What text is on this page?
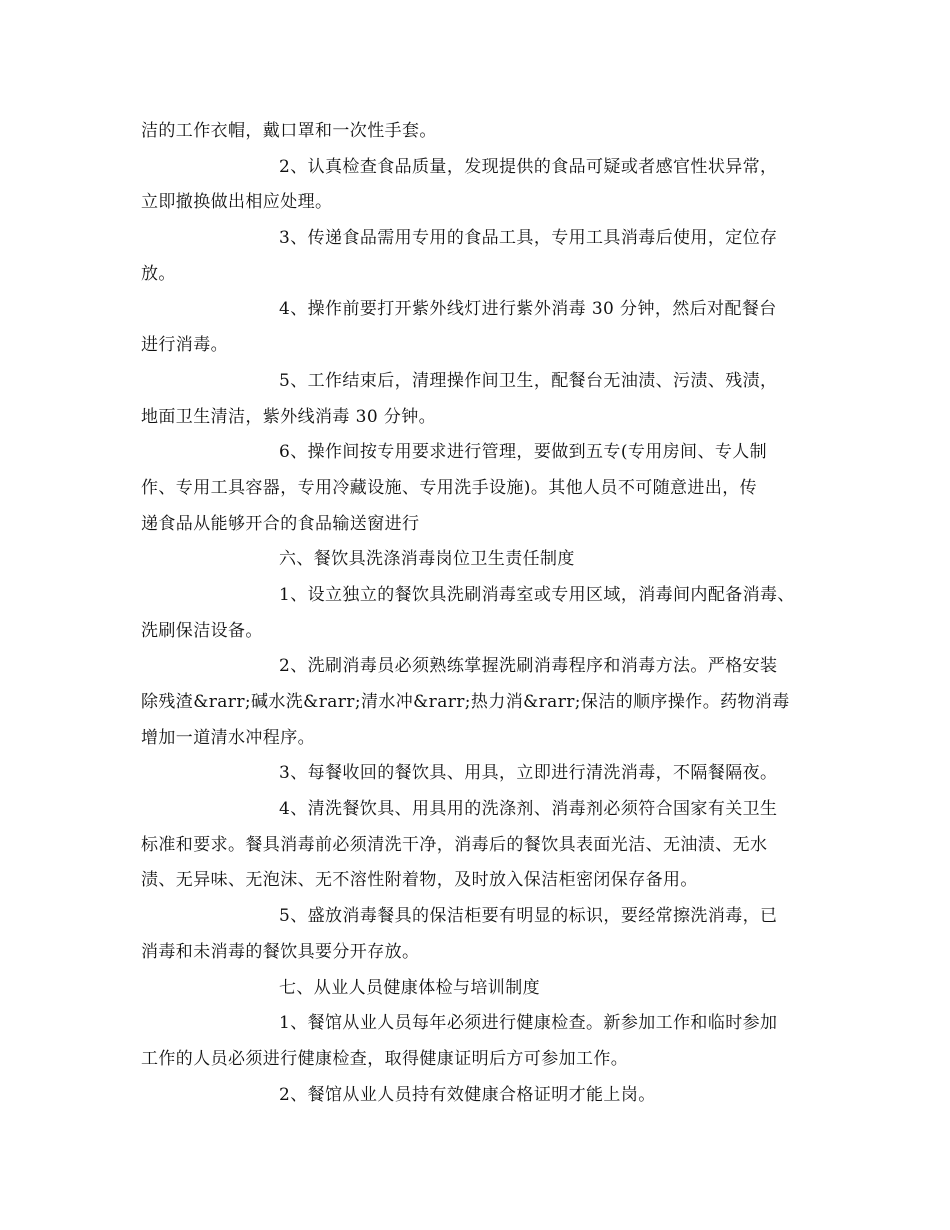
洁的工作衣帽，戴口罩和一次性手套。
2、认真检查食品质量，发现提供的食品可疑或者感官性状异常，
立即撤换做出相应处理。
3、传递食品需用专用的食品工具，专用工具消毒后使用，定位存
放。
4、操作前要打开紫外线灯进行紫外消毒 30 分钟，然后对配餐台
进行消毒。
5、工作结束后，清理操作间卫生，配餐台无油渍、污渍、残渍，
地面卫生清洁，紫外线消毒 30 分钟。
6、操作间按专用要求进行管理，要做到五专(专用房间、专人制
作、专用工具容器，专用冷藏设施、专用洗手设施)。其他人员不可随意进出，传
递食品从能够开合的食品输送窗进行
六、餐饮具洗涤消毒岗位卫生责任制度
1、设立独立的餐饮具洗刷消毒室或专用区域，消毒间内配备消毒、
洗刷保洁设备。
2、洗刷消毒员必须熟练掌握洗刷消毒程序和消毒方法。严格安装
除残渣&rarr;碱水洗&rarr;清水冲&rarr;热力消&rarr;保洁的顺序操作。药物消毒
增加一道清水冲程序。
3、每餐收回的餐饮具、用具，立即进行清洗消毒，不隔餐隔夜。
4、清洗餐饮具、用具用的洗涤剂、消毒剂必须符合国家有关卫生
标准和要求。餐具消毒前必须清洗干净，消毒后的餐饮具表面光洁、无油渍、无水
渍、无异味、无泡沫、无不溶性附着物，及时放入保洁柜密闭保存备用。
5、盛放消毒餐具的保洁柜要有明显的标识，要经常擦洗消毒，已
消毒和未消毒的餐饮具要分开存放。
七、从业人员健康体检与培训制度
1、餐馆从业人员每年必须进行健康检查。新参加工作和临时参加
工作的人员必须进行健康检查，取得健康证明后方可参加工作。
2、餐馆从业人员持有效健康合格证明才能上岗。
